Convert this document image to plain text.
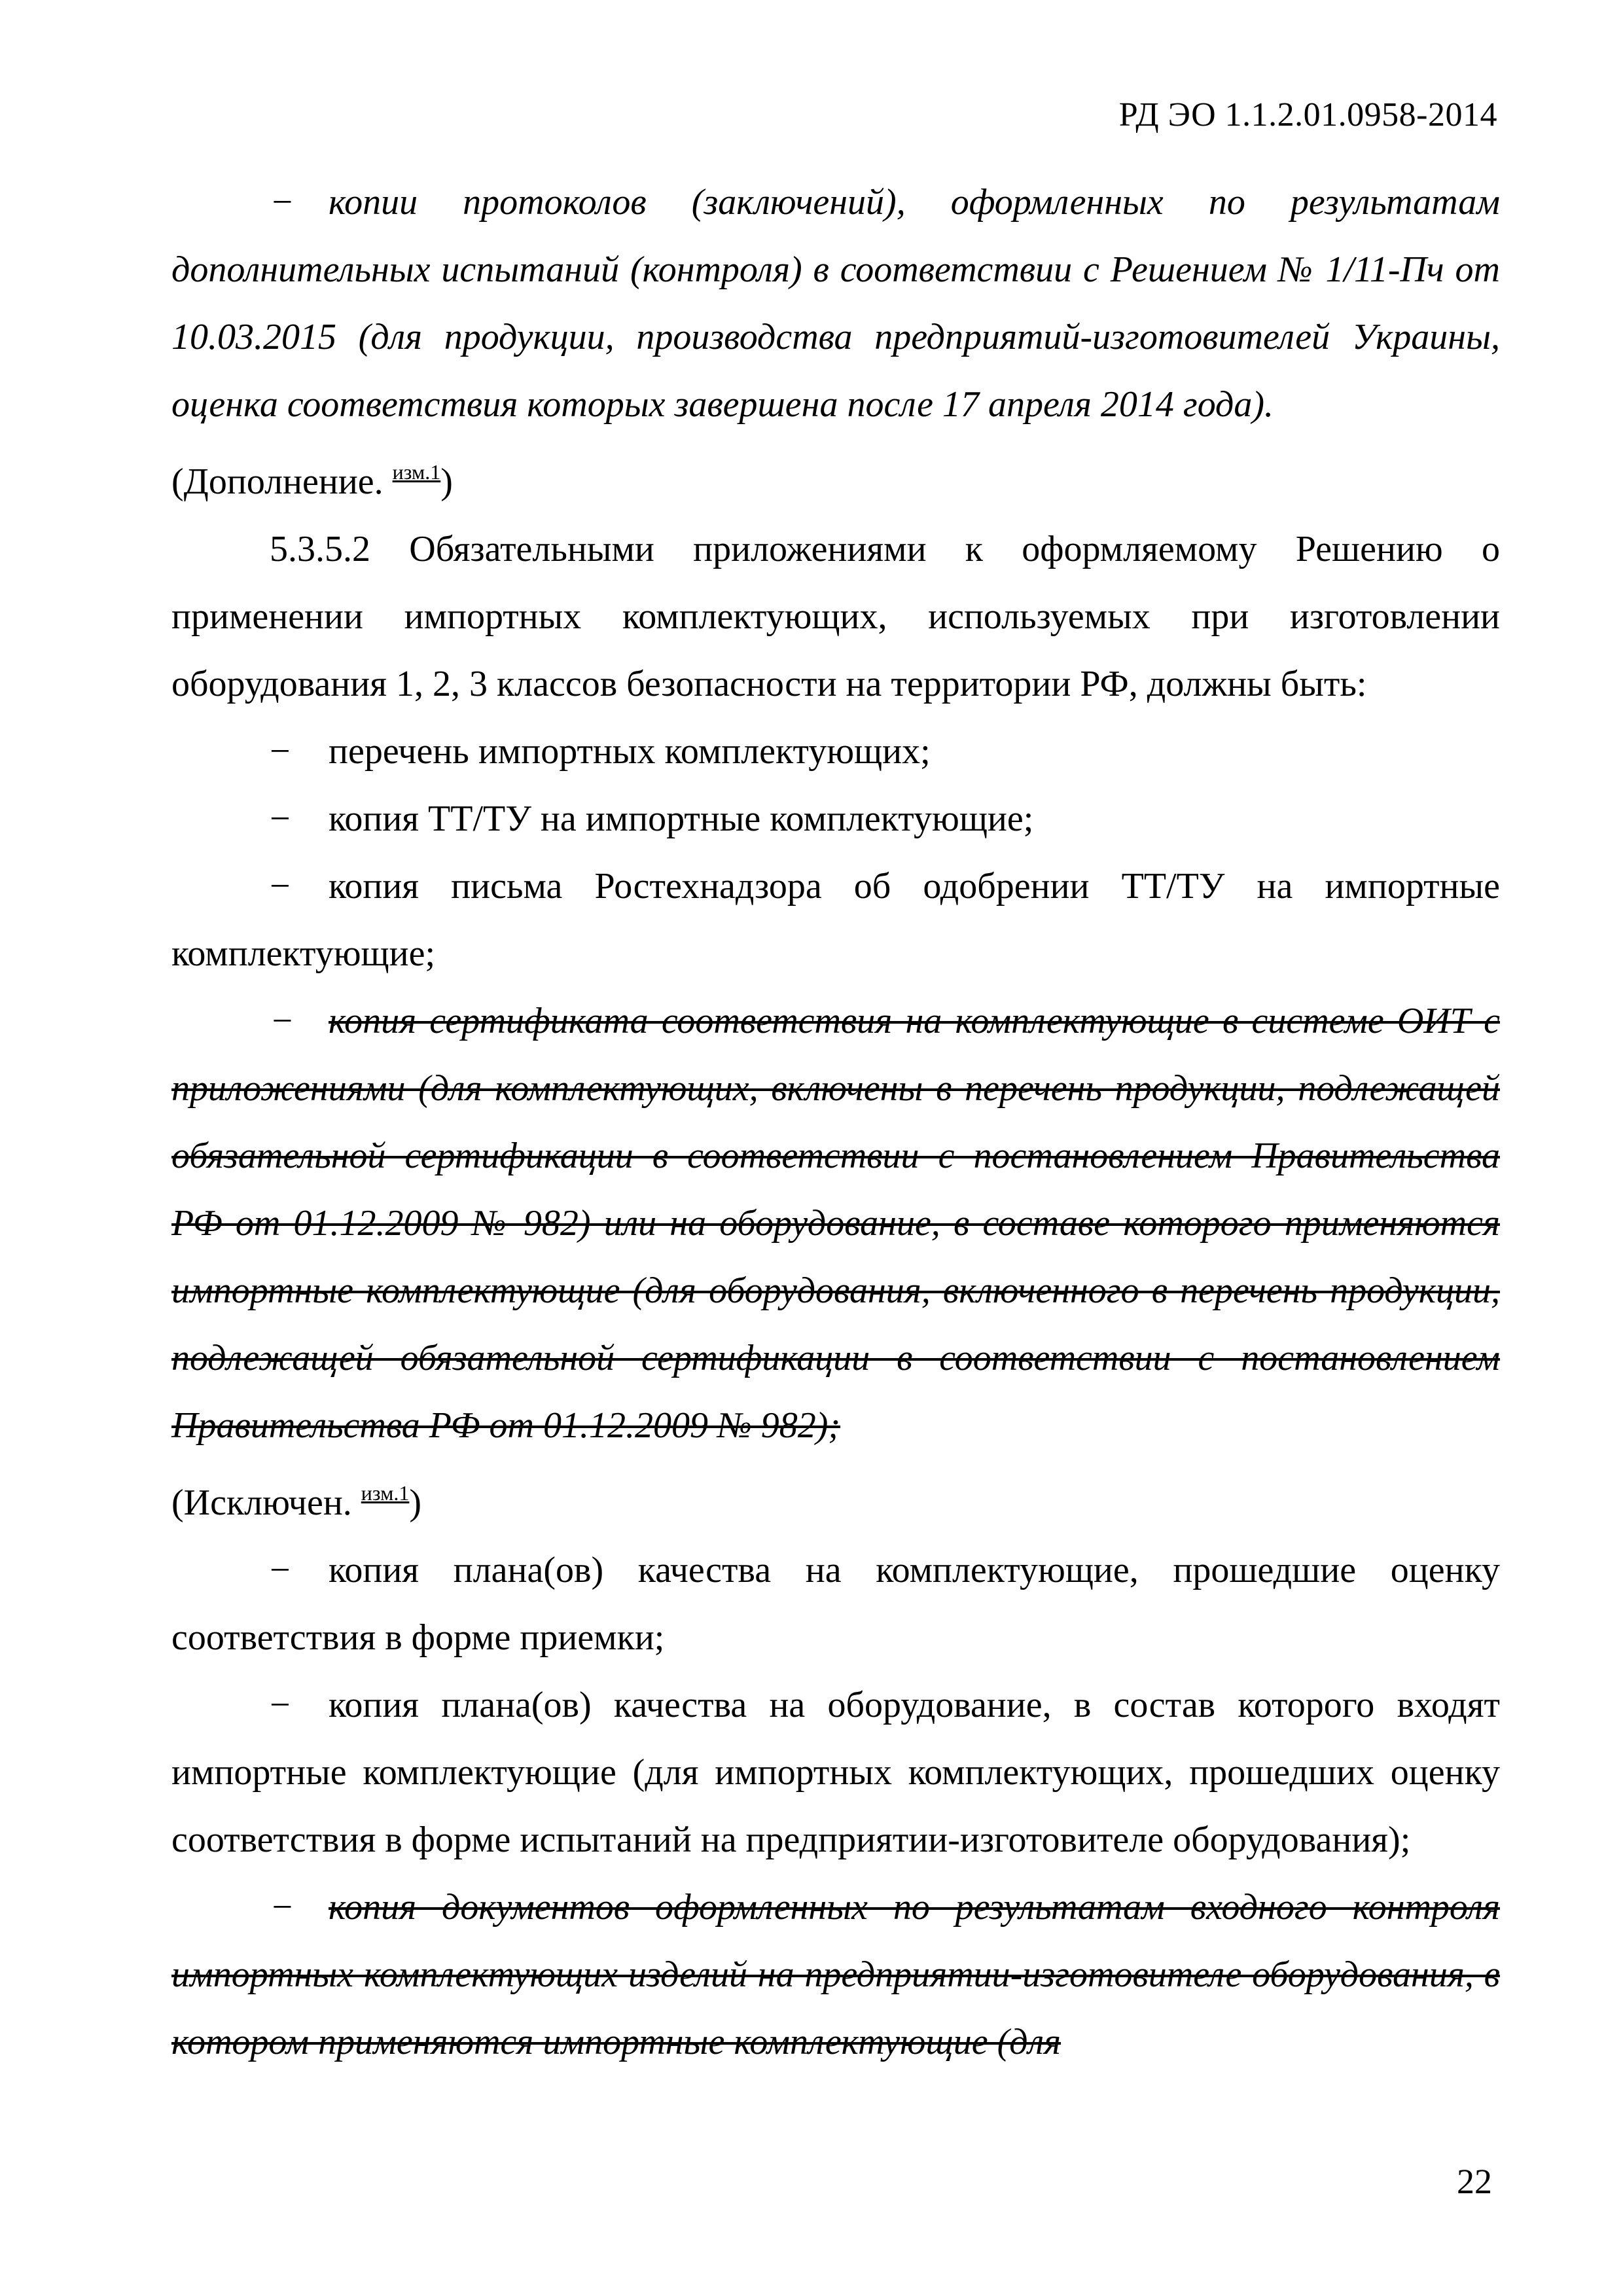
РД ЭО 1.1.2.01.0958-2014

− копии протоколов (заключений), оформленных по результатам дополнительных испытаний (контроля) в соответствии с Решением № 1/11-Пч от 10.03.2015 (для продукции, производства предприятий-изготовителей Украины, оценка соответствия которых завершена после 17 апреля 2014 года).

(Дополнение. $^{изм.1}$)

5.3.5.2 Обязательными приложениями к оформляемому Решению о применении импортных комплектующих, используемых при изготовлении оборудования 1, 2, 3 классов безопасности на территории РФ, должны быть:

− перечень импортных комплектующих;

− копия ТТ/ТУ на импортные комплектующие;

− копия письма Ростехнадзора об одобрении ТТ/ТУ на импортные комплектующие;

− копия сертификата соответствия на комплектующие в системе ОИТ с приложениями (для комплектующих, включены в перечень продукции, подлежащей обязательной сертификации в соответствии с постановлением Правительства РФ от 01.12.2009 № 982) или на оборудование, в составе которого применяются импортные комплектующие (для оборудования, включенного в перечень продукции, подлежащей обязательной сертификации в соответствии с постановлением Правительства РФ от 01.12.2009 № 982);

(Исключен. $^{изм.1}$)

− копия плана(ов) качества на комплектующие, прошедшие оценку соответствия в форме приемки;

− копия плана(ов) качества на оборудование, в состав которого входят импортные комплектующие (для импортных комплектующих, прошедших оценку соответствия в форме испытаний на предприятии-изготовителе оборудования);

− копия документов оформленных по результатам входного контроля импортных комплектующих изделий на предприятии-изготовителе оборудования, в котором применяются импортные комплектующие (для

22
